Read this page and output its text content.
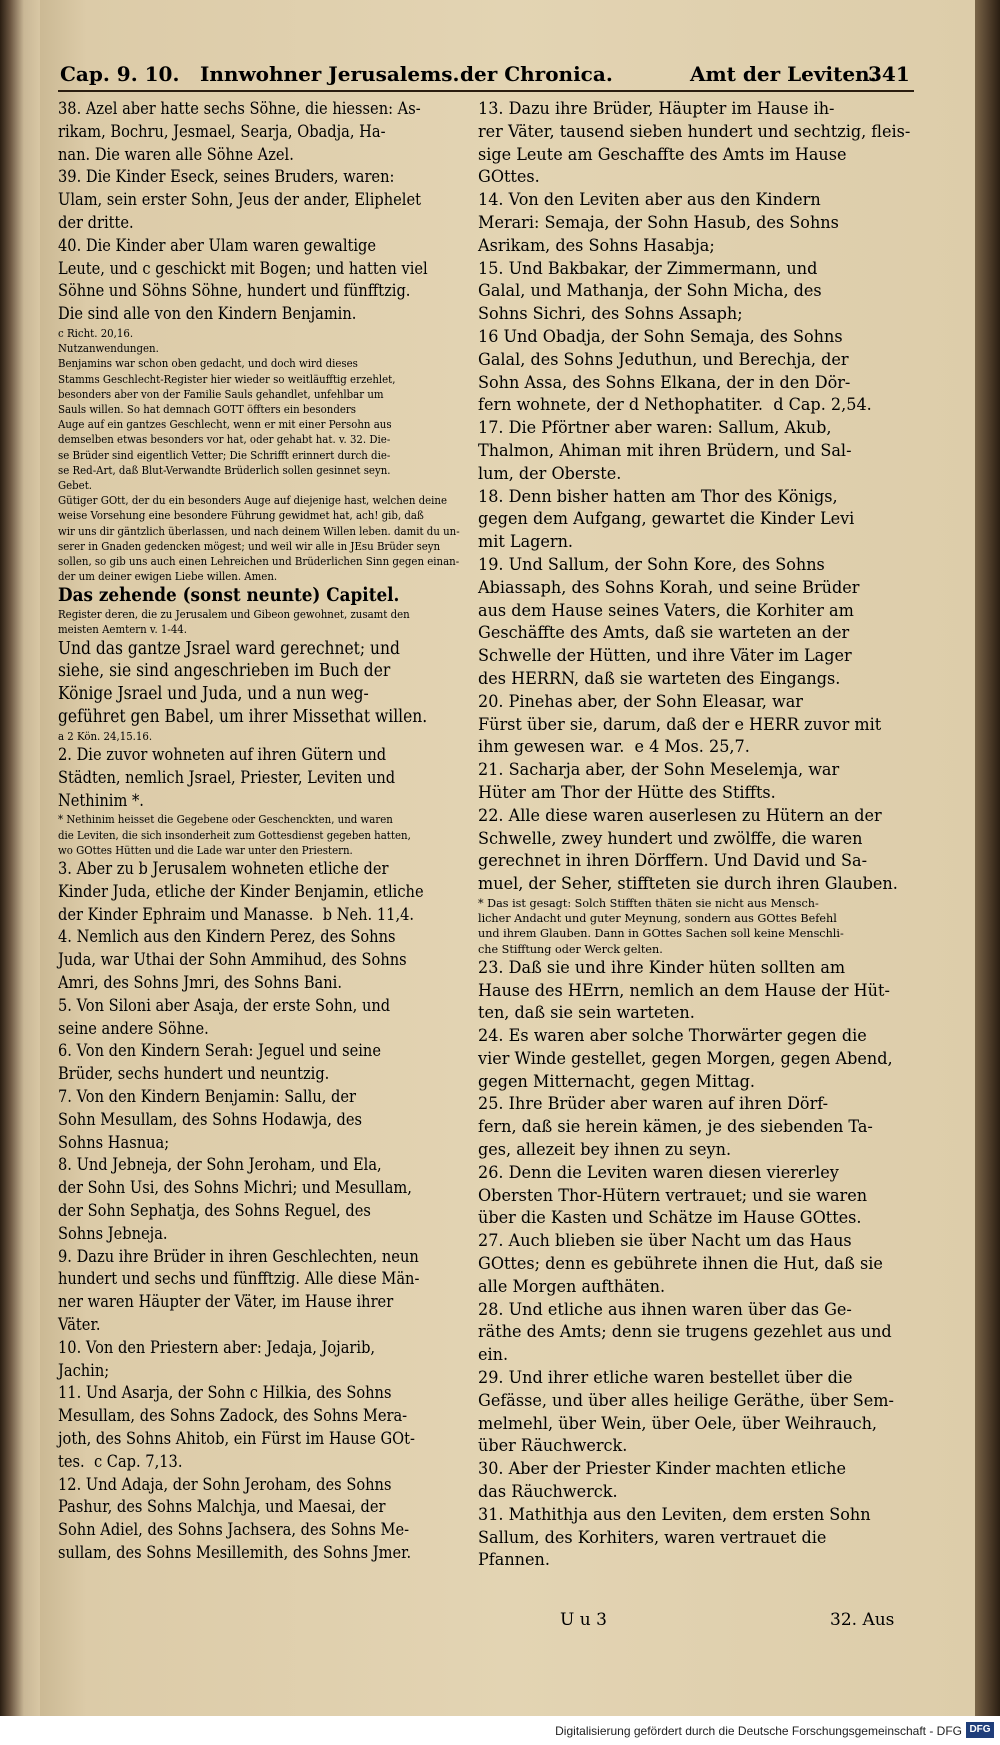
Cap. 9. 10. Innwohner Jerusalems. der Chronica.	Amt der Leviten.
341

38. Azel aber hatte sechs Söhne, die hiessen: As-

rikam, Bochru, Jesmael, Searja, Obadja, Ha-

nan. Die waren alle Söhne Azel.

39. Die Kinder Eseck, seines Bruders, waren:

Ulam, sein erster Sohn, Jeus der ander, Eliphelet

der dritte.

40. Die Kinder aber Ulam waren gewaltige

Leute, und c geschickt mit Bogen; und hatten viel

Söhne und Söhns Söhne, hundert und fünfftzig.

Die sind alle von den Kindern Benjamin.

c Richt. 20,16.

Nutzanwendungen.

Benjamins war schon oben gedacht, und doch wird dieses

Stamms Geschlecht-Register hier wieder so weitläufftig erzehlet,

besonders aber von der Familie Sauls gehandlet, unfehlbar um

Sauls willen. So hat demnach GOTT öffters ein besonders

Auge auf ein gantzes Geschlecht, wenn er mit einer Persohn aus

demselben etwas besonders vor hat, oder gehabt hat. v. 32. Die-

se Brüder sind eigentlich Vetter; Die Schrifft erinnert durch die-

se Red-Art, daß Blut-Verwandte Brüderlich sollen gesinnet seyn.

Gebet.

Gütiger GOtt, der du ein besonders Auge auf diejenige hast, welchen deine

weise Vorsehung eine besondere Führung gewidmet hat, ach! gib, daß

wir uns dir gäntzlich überlassen, und nach deinem Willen leben. damit du un-

serer in Gnaden gedencken mögest; und weil wir alle in JEsu Brüder seyn

sollen, so gib uns auch einen Lehreichen und Brüderlichen Sinn gegen einan-

der um deiner ewigen Liebe willen. Amen.

Das zehende (sonst neunte) Capitel.

Register deren, die zu Jerusalem und Gibeon gewohnet, zusamt den

meisten Aemtern v. 1-44.

Und das gantze Jsrael ward gerechnet; und

siehe, sie sind angeschrieben im Buch der

Könige Jsrael und Juda, und a nun weg-

geführet gen Babel, um ihrer Missethat willen.

a 2 Kön. 24,15.16.

2. Die zuvor wohneten auf ihren Gütern und

Städten, nemlich Jsrael, Priester, Leviten und

Nethinim *.

* Nethinim heisset die Gegebene oder Geschenckten, und waren

die Leviten, die sich insonderheit zum Gottesdienst gegeben hatten,

wo GOttes Hütten und die Lade war unter den Priestern.

3. Aber zu b Jerusalem wohneten etliche der

Kinder Juda, etliche der Kinder Benjamin, etliche

der Kinder Ephraim und Manasse.  b Neh. 11,4.

4. Nemlich aus den Kindern Perez, des Sohns

Juda, war Uthai der Sohn Ammihud, des Sohns

Amri, des Sohns Jmri, des Sohns Bani.

5. Von Siloni aber Asaja, der erste Sohn, und

seine andere Söhne.

6. Von den Kindern Serah: Jeguel und seine

Brüder, sechs hundert und neuntzig.

7. Von den Kindern Benjamin: Sallu, der

Sohn Mesullam, des Sohns Hodawja, des

Sohns Hasnua;

8. Und Jebneja, der Sohn Jeroham, und Ela,

der Sohn Usi, des Sohns Michri; und Mesullam,

der Sohn Sephatja, des Sohns Reguel, des

Sohns Jebneja.

9. Dazu ihre Brüder in ihren Geschlechten, neun

hundert und sechs und fünfftzig. Alle diese Män-

ner waren Häupter der Väter, im Hause ihrer

Väter.

10. Von den Priestern aber: Jedaja, Jojarib,

Jachin;

11. Und Asarja, der Sohn c Hilkia, des Sohns

Mesullam, des Sohns Zadock, des Sohns Mera-

joth, des Sohns Ahitob, ein Fürst im Hause GOt-

tes.  c Cap. 7,13.

12. Und Adaja, der Sohn Jeroham, des Sohns

Pashur, des Sohns Malchja, und Maesai, der

Sohn Adiel, des Sohns Jachsera, des Sohns Me-

sullam, des Sohns Mesillemith, des Sohns Jmer.

13. Dazu ihre Brüder, Häupter im Hause ih-

rer Väter, tausend sieben hundert und sechtzig, fleis-

sige Leute am Geschaffte des Amts im Hause

GOttes.

14. Von den Leviten aber aus den Kindern

Merari: Semaja, der Sohn Hasub, des Sohns

Asrikam, des Sohns Hasabja;

15. Und Bakbakar, der Zimmermann, und

Galal, und Mathanja, der Sohn Micha, des

Sohns Sichri, des Sohns Assaph;

16 Und Obadja, der Sohn Semaja, des Sohns

Galal, des Sohns Jeduthun, und Berechja, der

Sohn Assa, des Sohns Elkana, der in den Dör-

fern wohnete, der d Nethophatiter.  d Cap. 2,54.

17. Die Pförtner aber waren: Sallum, Akub,

Thalmon, Ahiman mit ihren Brüdern, und Sal-

lum, der Oberste.

18. Denn bisher hatten am Thor des Königs,

gegen dem Aufgang, gewartet die Kinder Levi

mit Lagern.

19. Und Sallum, der Sohn Kore, des Sohns

Abiassaph, des Sohns Korah, und seine Brüder

aus dem Hause seines Vaters, die Korhiter am

Geschäffte des Amts, daß sie warteten an der

Schwelle der Hütten, und ihre Väter im Lager

des HERRN, daß sie warteten des Eingangs.

20. Pinehas aber, der Sohn Eleasar, war

Fürst über sie, darum, daß der e HERR zuvor mit

ihm gewesen war.  e 4 Mos. 25,7.

21. Sacharja aber, der Sohn Meselemja, war

Hüter am Thor der Hütte des Stiffts.

22. Alle diese waren auserlesen zu Hütern an der

Schwelle, zwey hundert und zwölffe, die waren

gerechnet in ihren Dörffern. Und David und Sa-

muel, der Seher, stiffteten sie durch ihren Glauben.

* Das ist gesagt: Solch Stifften thäten sie nicht aus Mensch-

licher Andacht und guter Meynung, sondern aus GOttes Befehl

und ihrem Glauben. Dann in GOttes Sachen soll keine Menschli-

che Stifftung oder Werck gelten.

23. Daß sie und ihre Kinder hüten sollten am

Hause des HErrn, nemlich an dem Hause der Hüt-

ten, daß sie sein warteten.

24. Es waren aber solche Thorwärter gegen die

vier Winde gestellet, gegen Morgen, gegen Abend,

gegen Mitternacht, gegen Mittag.

25. Ihre Brüder aber waren auf ihren Dörf-

fern, daß sie herein kämen, je des siebenden Ta-

ges, allezeit bey ihnen zu seyn.

26. Denn die Leviten waren diesen viererley

Obersten Thor-Hütern vertrauet; und sie waren

über die Kasten und Schätze im Hause GOttes.

27. Auch blieben sie über Nacht um das Haus

GOttes; denn es gebührete ihnen die Hut, daß sie

alle Morgen aufthäten.

28. Und etliche aus ihnen waren über das Ge-

räthe des Amts; denn sie trugens gezehlet aus und

ein.

29. Und ihrer etliche waren bestellet über die

Gefässe, und über alles heilige Geräthe, über Sem-

melmehl, über Wein, über Oele, über Weihrauch,

über Räuchwerck.

30. Aber der Priester Kinder machten etliche

das Räuchwerck.

31. Mathithja aus den Leviten, dem ersten Sohn

Sallum, des Korhiters, waren vertrauet die

Pfannen.

U u 3	32. Aus
Digitalisierung gefördert durch die Deutsche Forschungsgemeinschaft - DFG DFG
